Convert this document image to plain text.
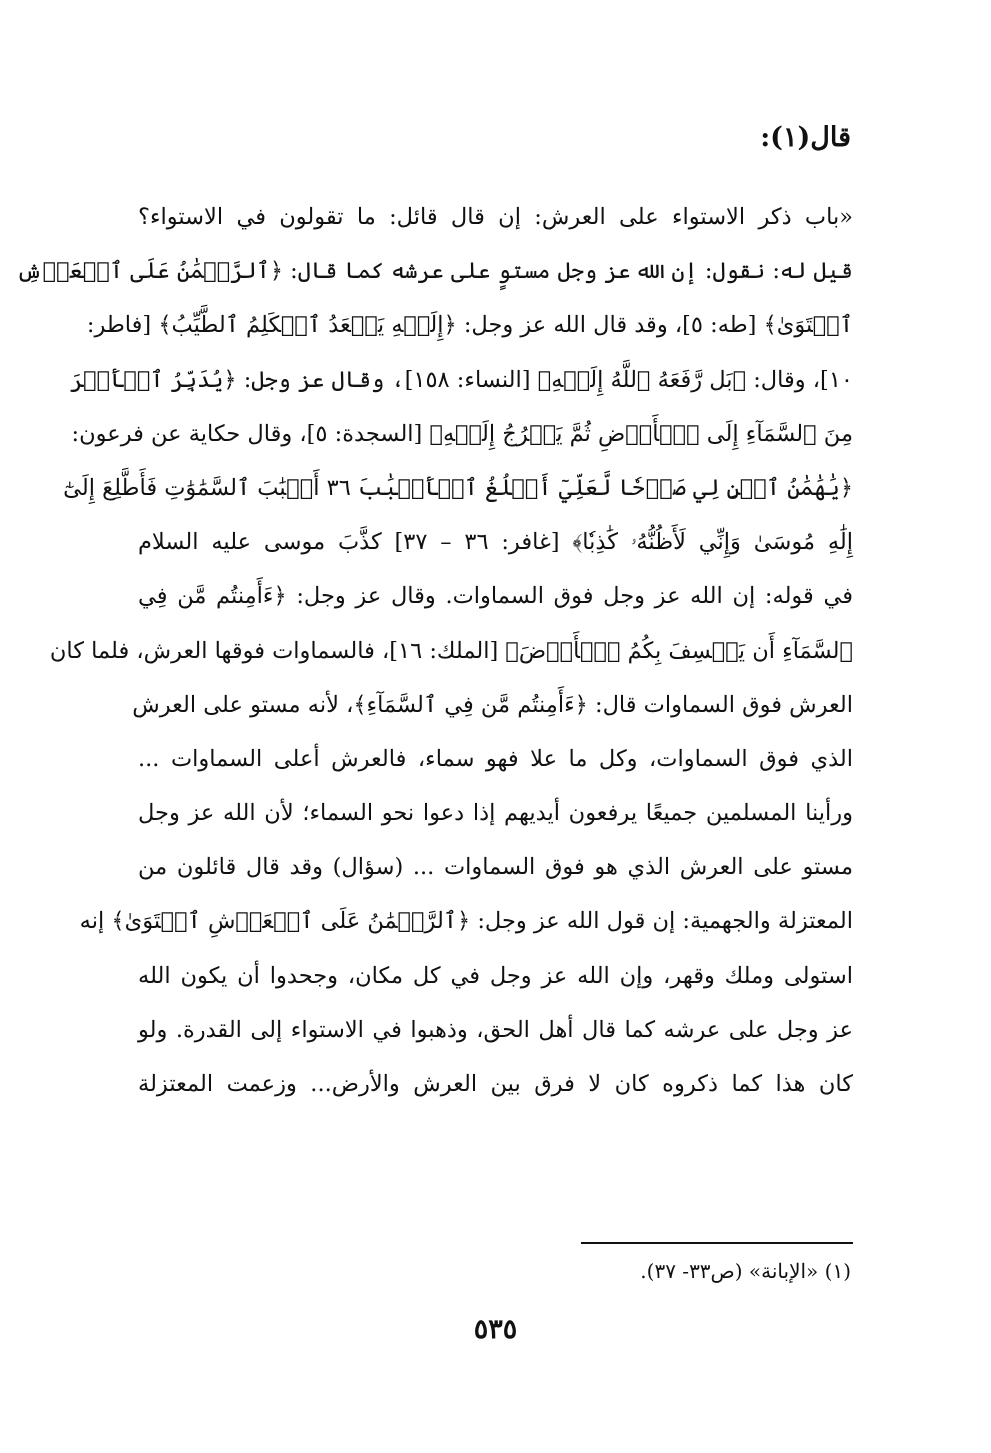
قال(١):
«باب ذكر الاستواء على العرش: إن قال قائل: ما تقولون في الاستواء؟
قيل له: نقول: إن الله عز وجل مستوٍ على عرشه كما قال: ﴿ٱلرَّحۡمَٰنُ عَلَى ٱلۡعَرۡشِ
ٱسۡتَوَىٰ﴾ [طه: ٥]، وقد قال الله عز وجل: ﴿إِلَيۡهِ يَصۡعَدُ ٱلۡكَلِمُ ٱلطَّيِّبُ﴾ [فاطر:
١٠]، وقال: ﴿بَل رَّفَعَهُ ٱللَّهُ إِلَيۡهِ﴾ [النساء: ١٥٨]، وقال عز وجل: ﴿يُدَبِّرُ ٱلۡأَمۡرَ
مِنَ ٱلسَّمَآءِ إِلَى ٱلۡأَرۡضِ ثُمَّ يَعۡرُجُ إِلَيۡهِ﴾ [السجدة: ٥]، وقال حكاية عن فرعون:
﴿يَٰهَٰمَٰنُ ٱبۡنِ لِي صَرۡحٗا لَّعَلِّيٓ أَبۡلُغُ ٱلۡأَسۡبَٰبَ ٣٦ أَسۡبَٰبَ ٱلسَّمَٰوَٰتِ فَأَطَّلِعَ إِلَىٰٓ
إِلَٰهِ مُوسَىٰ وَإِنِّي لَأَظُنُّهُۥ كَٰذِبٗا﴾ [غافر: ٣٦ – ٣٧] كذَّبَ موسى عليه السلام
في قوله: إن الله عز وجل فوق السماوات. وقال عز وجل: ﴿ءَأَمِنتُم مَّن فِي
ٱلسَّمَآءِ أَن يَخۡسِفَ بِكُمُ ٱلۡأَرۡضَ﴾ [الملك: ١٦]، فالسماوات فوقها العرش، فلما كان
العرش فوق السماوات قال: ﴿ءَأَمِنتُم مَّن فِي ٱلسَّمَآءِ﴾، لأنه مستو على العرش
الذي فوق السماوات، وكل ما علا فهو سماء، فالعرش أعلى السماوات ...
ورأينا المسلمين جميعًا يرفعون أيديهم إذا دعوا نحو السماء؛ لأن الله عز وجل
مستو على العرش الذي هو فوق السماوات ... (سؤال) وقد قال قائلون من
المعتزلة والجهمية: إن قول الله عز وجل: ﴿ٱلرَّحۡمَٰنُ عَلَى ٱلۡعَرۡشِ ٱسۡتَوَىٰ﴾ إنه
استولى وملك وقهر، وإن الله عز وجل في كل مكان، وجحدوا أن يكون الله
عز وجل على عرشه كما قال أهل الحق، وذهبوا في الاستواء إلى القدرة. ولو
كان هذا كما ذكروه كان لا فرق بين العرش والأرض... وزعمت المعتزلة
(١) «الإبانة» (ص٣٣- ٣٧).
٥٣٥
